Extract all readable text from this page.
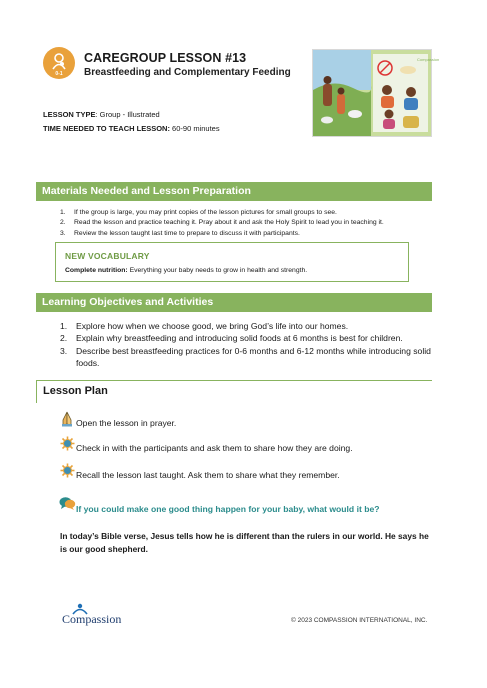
0-1
CAREGROUP LESSON #13
Breastfeeding and Complementary Feeding
Compassion
LESSON TYPE: Group - Illustrated
TIME NEEDED TO TEACH LESSON: 60-90 minutes
Materials Needed and Lesson Preparation
1. If the group is large, you may print copies of the lesson pictures for small groups to see.
2. Read the lesson and practice teaching it. Pray about it and ask the Holy Spirit to lead you in teaching it.
3. Review the lesson taught last time to prepare to discuss it with participants.
NEW VOCABULARY
Complete nutrition: Everything your baby needs to grow in health and strength.
Learning Objectives and Activities
1. Explore how when we choose good, we bring God’s life into our homes.
2. Explain why breastfeeding and introducing solid foods at 6 months is best for children.
3. Describe best breastfeeding practices for 0-6 months and 6-12 months while introducing solid foods.
Lesson Plan
Open the lesson in prayer.
Check in with the participants and ask them to share how they are doing.
Recall the lesson last taught. Ask them to share what they remember.
If you could make one good thing happen for your baby, what would it be?
In today’s Bible verse, Jesus tells how he is different than the rulers in our world. He says he is our good shepherd.
Compassion	© 2023 COMPASSION INTERNATIONAL, INC.
